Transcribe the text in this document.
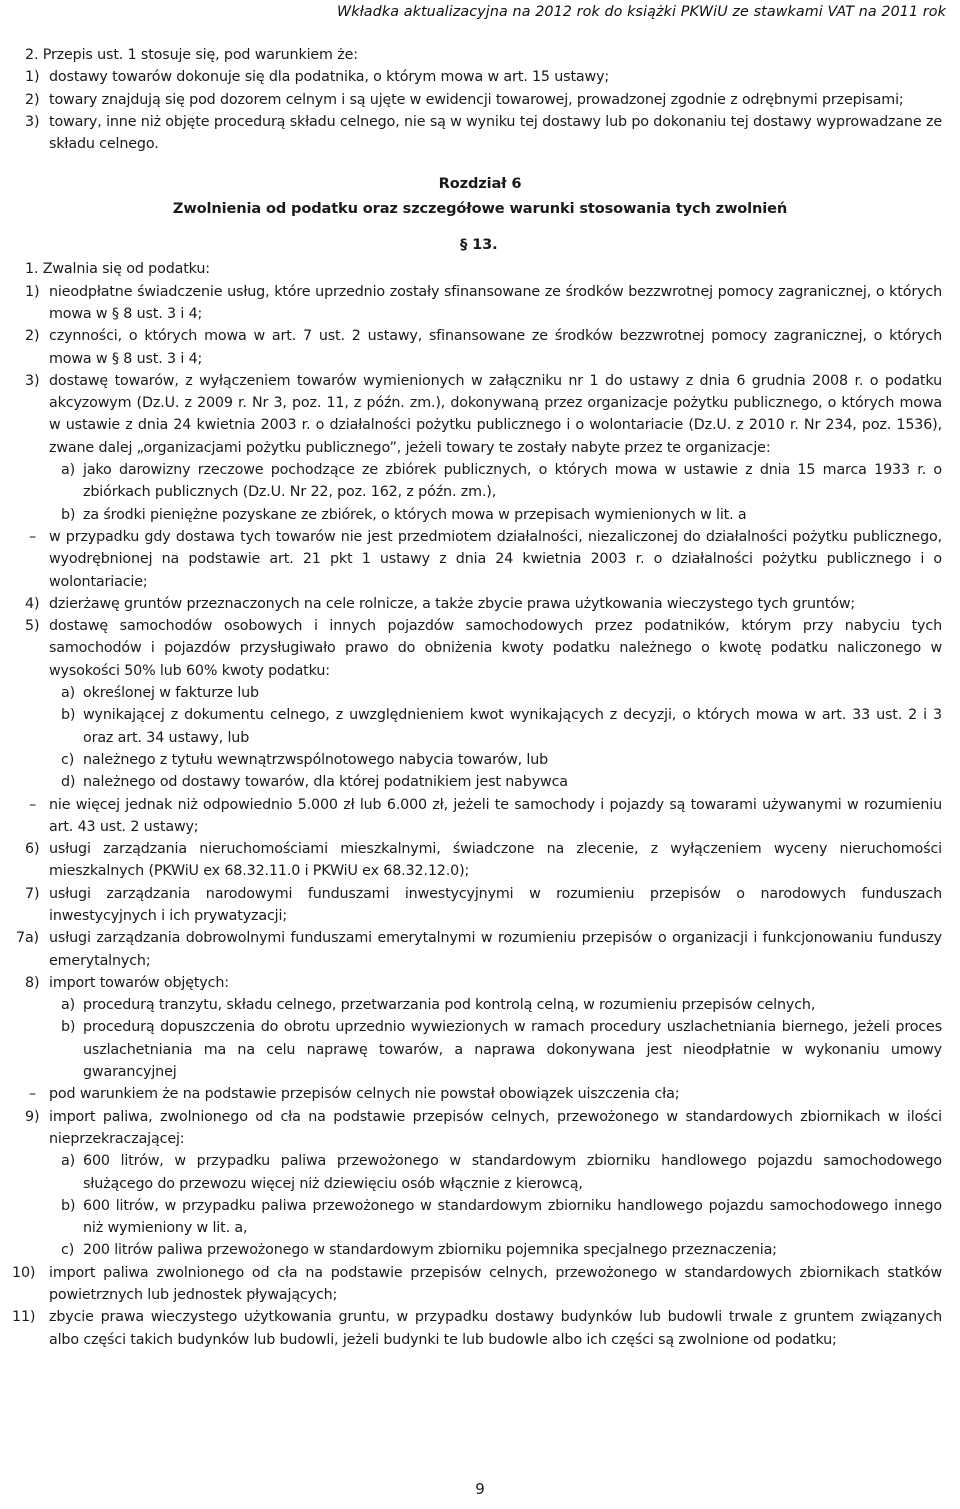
Wkładka aktualizacyjna na 2012 rok do książki PKWiU ze stawkami VAT na 2011 rok
2. Przepis ust. 1 stosuje się, pod warunkiem że:
1) dostawy towarów dokonuje się dla podatnika, o którym mowa w art. 15 ustawy;
2) towary znajdują się pod dozorem celnym i są ujęte w ewidencji towarowej, prowadzonej zgodnie z odrębnymi przepisami;
3) towary, inne niż objęte procedurą składu celnego, nie są w wyniku tej dostawy lub po dokonaniu tej dostawy wyprowadzane ze składu celnego.
Rozdział 6
Zwolnienia od podatku oraz szczegółowe warunki stosowania tych zwolnień
§ 13.
1. Zwalnia się od podatku:
1) nieodpłatne świadczenie usług, które uprzednio zostały sfinansowane ze środków bezzwrotnej pomocy zagranicznej, o których mowa w § 8 ust. 3 i 4;
2) czynności, o których mowa w art. 7 ust. 2 ustawy, sfinansowane ze środków bezzwrotnej pomocy zagranicznej, o których mowa w § 8 ust. 3 i 4;
3) dostawę towarów, z wyłączeniem towarów wymienionych w załączniku nr 1 do ustawy z dnia 6 grudnia 2008 r. o podatku akcyzowym (Dz.U. z 2009 r. Nr 3, poz. 11, z późn. zm.), dokonywaną przez organizacje pożytku publicznego, o których mowa w ustawie z dnia 24 kwietnia 2003 r. o działalności pożytku publicznego i o wolontariacie (Dz.U. z 2010 r. Nr 234, poz. 1536), zwane dalej „organizacjami pożytku publicznego”, jeżeli towary te zostały nabyte przez te organizacje:
a) jako darowizny rzeczowe pochodzące ze zbiórek publicznych, o których mowa w ustawie z dnia 15 marca 1933 r. o zbiórkach publicznych (Dz.U. Nr 22, poz. 162, z późn. zm.),
b) za środki pieniężne pozyskane ze zbiórek, o których mowa w przepisach wymienionych w lit. a
– w przypadku gdy dostawa tych towarów nie jest przedmiotem działalności, niezaliczonej do działalności pożytku publicznego, wyodrębnionej na podstawie art. 21 pkt 1 ustawy z dnia 24 kwietnia 2003 r. o działalności pożytku publicznego i o wolontariacie;
4) dzierżawę gruntów przeznaczonych na cele rolnicze, a także zbycie prawa użytkowania wieczystego tych gruntów;
5) dostawę samochodów osobowych i innych pojazdów samochodowych przez podatników, którym przy nabyciu tych samochodów i pojazdów przysługiwało prawo do obniżenia kwoty podatku należnego o kwotę podatku naliczonego w wysokości 50% lub 60% kwoty podatku:
a) określonej w fakturze lub
b) wynikającej z dokumentu celnego, z uwzględnieniem kwot wynikających z decyzji, o których mowa w art. 33 ust. 2 i 3 oraz art. 34 ustawy, lub
c) należnego z tytułu wewnątrzwspólnotowego nabycia towarów, lub
d) należnego od dostawy towarów, dla której podatnikiem jest nabywca
– nie więcej jednak niż odpowiednio 5.000 zł lub 6.000 zł, jeżeli te samochody i pojazdy są towarami używanymi w rozumieniu art. 43 ust. 2 ustawy;
6) usługi zarządzania nieruchomościami mieszkalnymi, świadczone na zlecenie, z wyłączeniem wyceny nieruchomości mieszkalnych (PKWiU ex 68.32.11.0 i PKWiU ex 68.32.12.0);
7) usługi zarządzania narodowymi funduszami inwestycyjnymi w rozumieniu przepisów o narodowych funduszach inwestycyjnych i ich prywatyzacji;
7a) usługi zarządzania dobrowolnymi funduszami emerytalnymi w rozumieniu przepisów o organizacji i funkcjonowaniu funduszy emerytalnych;
8) import towarów objętych:
a) procedurą tranzytu, składu celnego, przetwarzania pod kontrolą celną, w rozumieniu przepisów celnych,
b) procedurą dopuszczenia do obrotu uprzednio wywiezionych w ramach procedury uszlachetniania biernego, jeżeli proces uszlachetniania ma na celu naprawę towarów, a naprawa dokonywana jest nieodpłatnie w wykonaniu umowy gwarancyjnej
– pod warunkiem że na podstawie przepisów celnych nie powstał obowiązek uiszczenia cła;
9) import paliwa, zwolnionego od cła na podstawie przepisów celnych, przewożonego w standardowych zbiornikach w ilości nieprzekraczającej:
a) 600 litrów, w przypadku paliwa przewożonego w standardowym zbiorniku handlowego pojazdu samochodowego służącego do przewozu więcej niż dziewięciu osób włącznie z kierowcą,
b) 600 litrów, w przypadku paliwa przewożonego w standardowym zbiorniku handlowego pojazdu samochodowego innego niż wymieniony w lit. a,
c) 200 litrów paliwa przewożonego w standardowym zbiorniku pojemnika specjalnego przeznaczenia;
10) import paliwa zwolnionego od cła na podstawie przepisów celnych, przewożonego w standardowych zbiornikach statków powietrznych lub jednostek pływających;
11) zbycie prawa wieczystego użytkowania gruntu, w przypadku dostawy budynków lub budowli trwale z gruntem związanych albo części takich budynków lub budowli, jeżeli budynki te lub budowle albo ich części są zwolnione od podatku;
9
